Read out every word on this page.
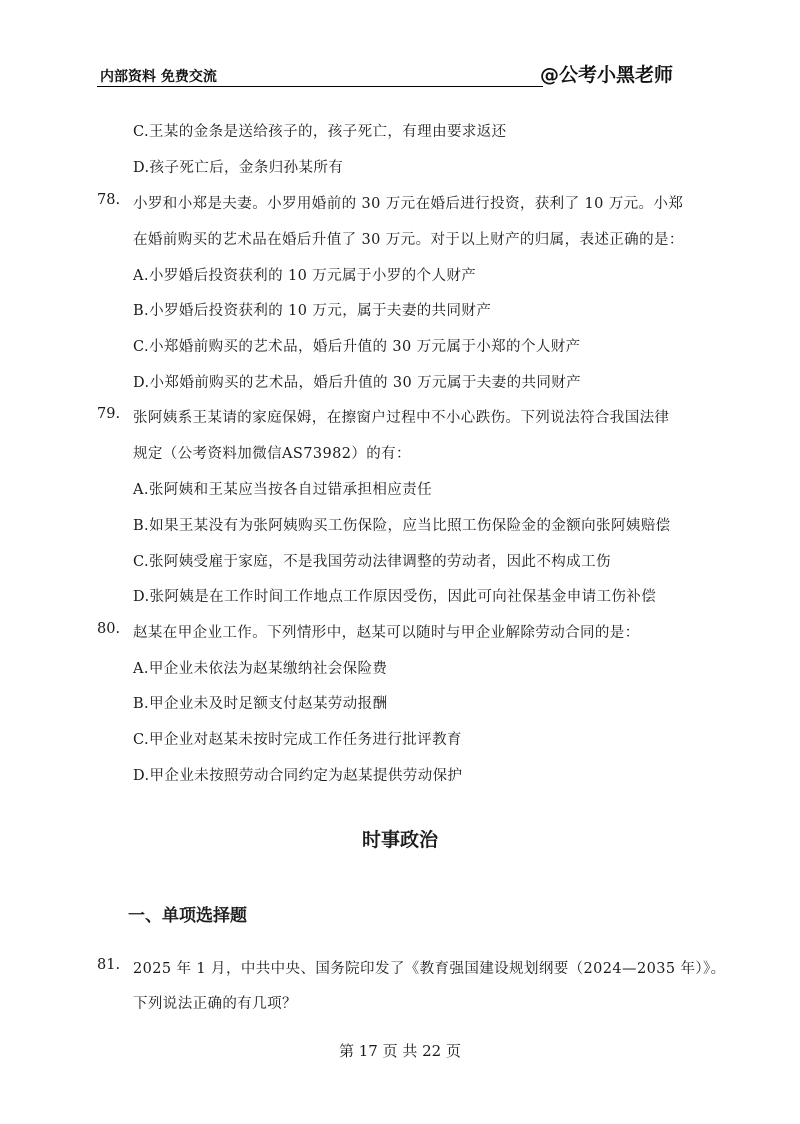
内部资料 免费交流	@公考小黑老师
C.王某的金条是送给孩子的，孩子死亡，有理由要求返还
D.孩子死亡后，金条归孙某所有
78. 小罗和小郑是夫妻。小罗用婚前的 30 万元在婚后进行投资，获利了 10 万元。小郑
在婚前购买的艺术品在婚后升值了 30 万元。对于以上财产的归属，表述正确的是：
A.小罗婚后投资获利的 10 万元属于小罗的个人财产
B.小罗婚后投资获利的 10 万元，属于夫妻的共同财产
C.小郑婚前购买的艺术品，婚后升值的 30 万元属于小郑的个人财产
D.小郑婚前购买的艺术品，婚后升值的 30 万元属于夫妻的共同财产
79. 张阿姨系王某请的家庭保姆，在擦窗户过程中不小心跌伤。下列说法符合我国法律
规定（公考资料加微信AS73982）的有：
A.张阿姨和王某应当按各自过错承担相应责任
B.如果王某没有为张阿姨购买工伤保险，应当比照工伤保险金的金额向张阿姨赔偿
C.张阿姨受雇于家庭，不是我国劳动法律调整的劳动者，因此不构成工伤
D.张阿姨是在工作时间工作地点工作原因受伤，因此可向社保基金申请工伤补偿
80. 赵某在甲企业工作。下列情形中，赵某可以随时与甲企业解除劳动合同的是：
A.甲企业未依法为赵某缴纳社会保险费
B.甲企业未及时足额支付赵某劳动报酬
C.甲企业对赵某未按时完成工作任务进行批评教育
D.甲企业未按照劳动合同约定为赵某提供劳动保护
时事政治
一、单项选择题
81. 2025 年 1 月，中共中央、国务院印发了《教育强国建设规划纲要（2024—2035 年）》。
下列说法正确的有几项？
第 17 页 共 22 页
